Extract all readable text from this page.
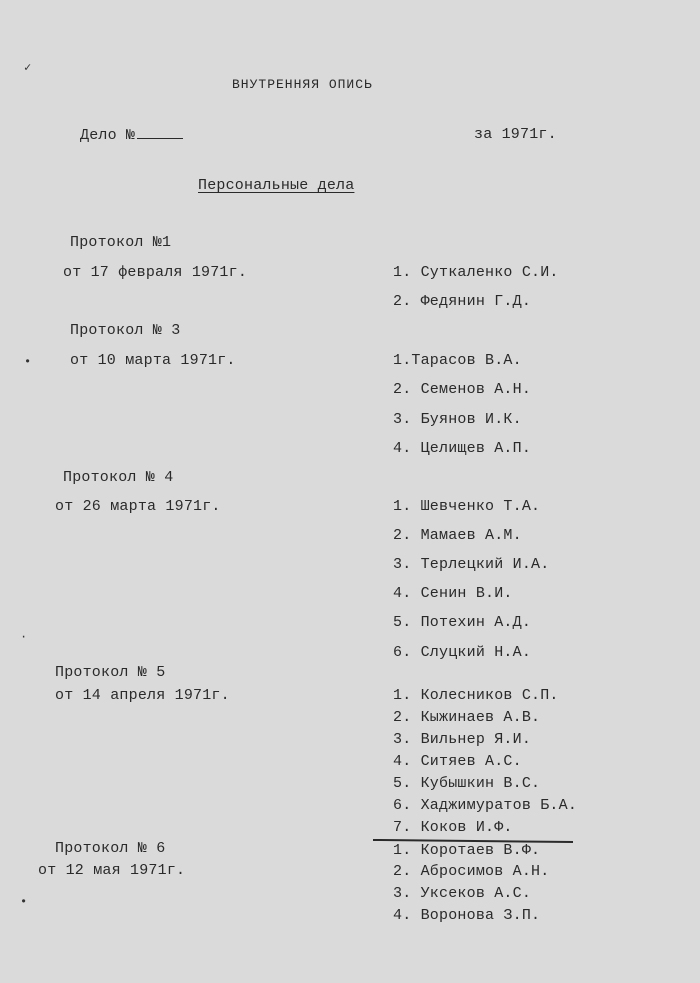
ВНУТРЕННЯЯ ОПИСЬ
Дело №	за 1971г.
Персональные дела
Протокол №1
от 17 февраля 1971г.	1. Суткаленко С.И.
2. Федянин Г.Д.
Протокол № 3
от 10 марта 1971г.	1.Тарасов В.А.
2. Семенов А.Н.
3. Буянов И.К.
4. Целищев А.П.
Протокол № 4
от 26 марта 1971г.	1. Шевченко Т.А.
2. Мамаев А.М.
3. Терлецкий И.А.
4. Сенин В.И.
5. Потехин А.Д.
6. Слуцкий Н.А.
Протокол № 5
от 14 апреля 1971г.	1. Колесников С.П.
2. Кыжинаев А.В.
3. Вильнер Я.И.
4. Ситяев А.С.
5. Кубышкин В.С.
6. Хаджимуратов Б.А.
7. Коков И.Ф.
Протокол № 6
от 12 мая 1971г.
1. Коротаев В.Ф.
2. Абросимов А.Н.
3. Уксеков А.С.
4. Воронова З.П.
✓
•
·
•
